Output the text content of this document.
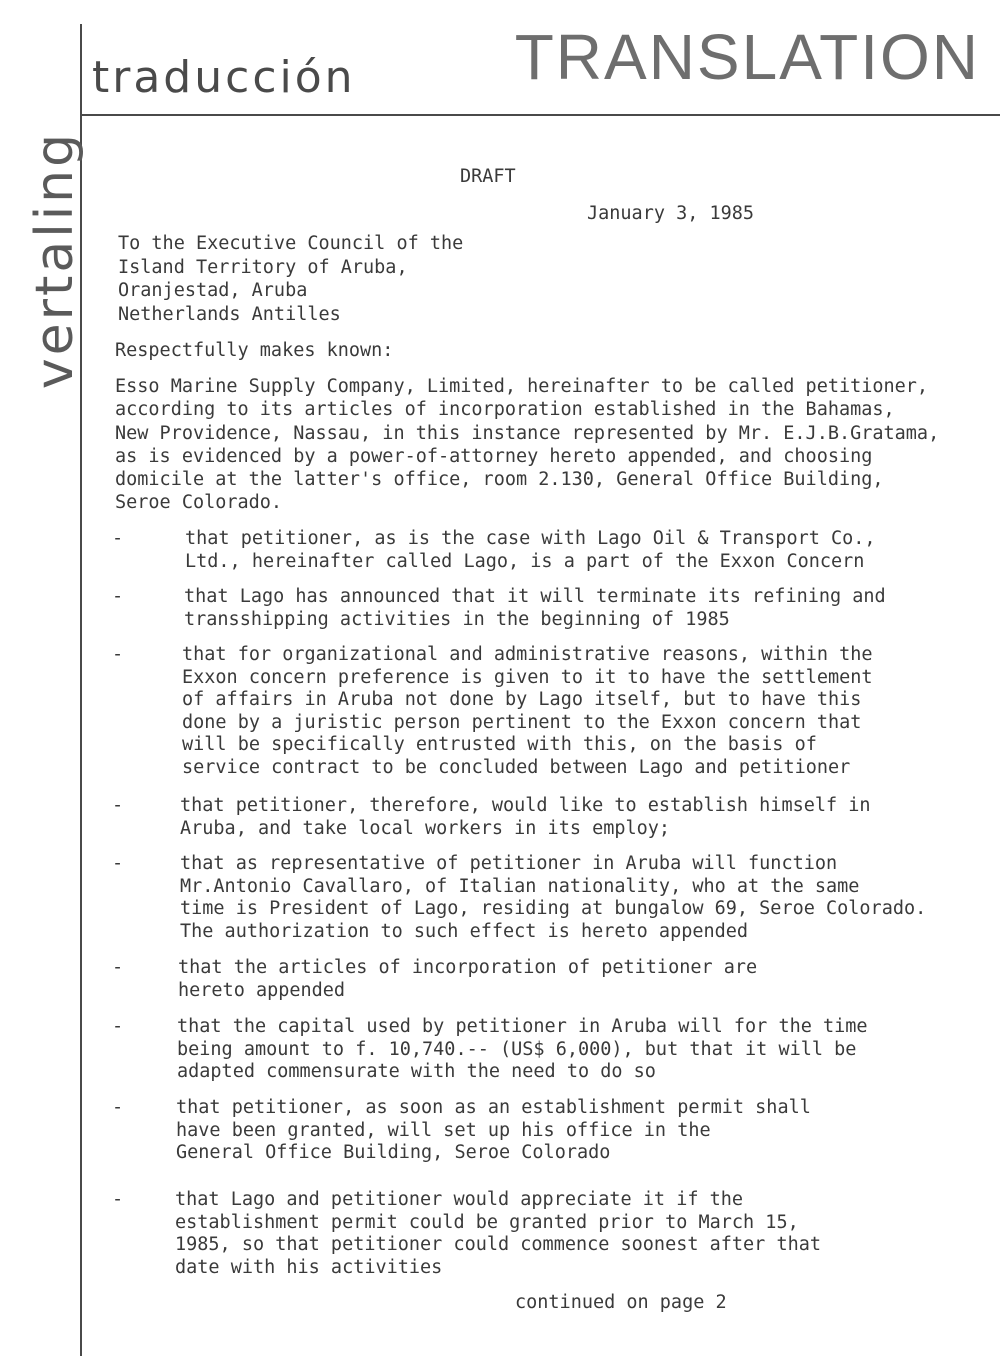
vertaling
traducción TRANSLATION
DRAFT
January 3, 1985
To the Executive Council of the
Island Territory of Aruba,
Oranjestad, Aruba
Netherlands Antilles
Respectfully makes known:
Esso Marine Supply Company, Limited, hereinafter to be called petitioner,
according to its articles of incorporation established in the Bahamas,
New Providence, Nassau, in this instance represented by Mr. E.J.B.Gratama,
as is evidenced by a power-of-attorney hereto appended, and choosing
domicile at the latter's office, room 2.130, General Office Building,
Seroe Colorado.
-	that petitioner, as is the case with Lago Oil & Transport Co.,
Ltd., hereinafter called Lago, is a part of the Exxon Concern
-	that Lago has announced that it will terminate its refining and
transshipping activities in the beginning of 1985
-	that for organizational and administrative reasons, within the
Exxon concern preference is given to it to have the settlement
of affairs in Aruba not done by Lago itself, but to have this
done by a juristic person pertinent to the Exxon concern that
will be specifically entrusted with this, on the basis of
service contract to be concluded between Lago and petitioner
-	that petitioner, therefore, would like to establish himself in
Aruba, and take local workers in its employ;
-	that as representative of petitioner in Aruba will function
Mr.Antonio Cavallaro, of Italian nationality, who at the same
time is President of Lago, residing at bungalow 69, Seroe Colorado.
The authorization to such effect is hereto appended
-	that the articles of incorporation of petitioner are
hereto appended
-	that the capital used by petitioner in Aruba will for the time
being amount to f. 10,740.-- (US$ 6,000), but that it will be
adapted commensurate with the need to do so
-	that petitioner, as soon as an establishment permit shall
have been granted, will set up his office in the
General Office Building, Seroe Colorado
-	that Lago and petitioner would appreciate it if the
establishment permit could be granted prior to March 15,
1985, so that petitioner could commence soonest after that
date with his activities
continued on page 2
